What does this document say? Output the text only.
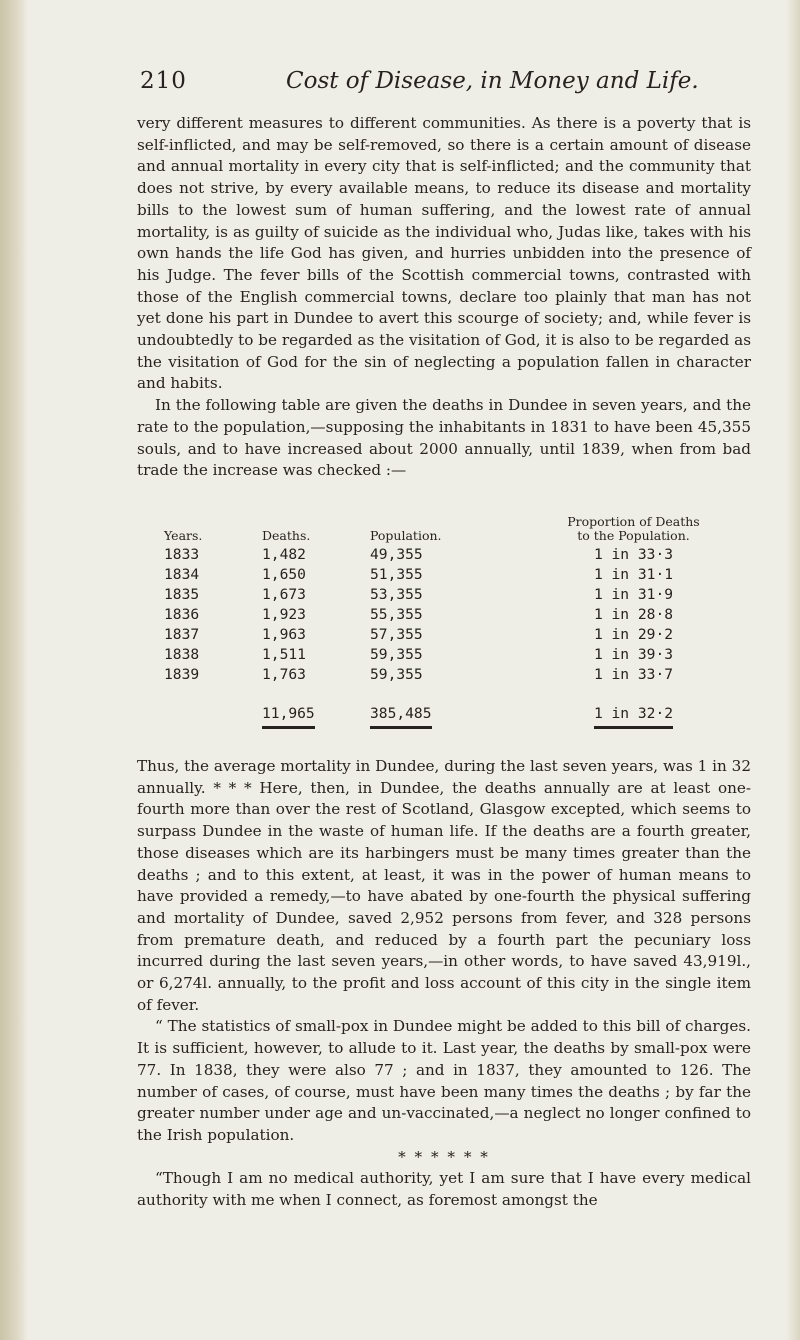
210	Cost of Disease, in Money and Life.

very different measures to different communities. As there is a poverty that is self-inflicted, and may be self-removed, so there is a certain amount of disease and annual mortality in every city that is self-inflicted; and the community that does not strive, by every available means, to reduce its disease and mortality bills to the lowest sum of human suffering, and the lowest rate of annual mortality, is as guilty of suicide as the individual who, Judas like, takes with his own hands the life God has given, and hurries unbidden into the presence of his Judge. The fever bills of the Scottish commercial towns, contrasted with those of the English commercial towns, declare too plainly that man has not yet done his part in Dundee to avert this scourge of society; and, while fever is undoubtedly to be regarded as the visitation of God, it is also to be regarded as the visitation of God for the sin of neglecting a population fallen in character and habits.

In the following table are given the deaths in Dundee in seven years, and the rate to the population,—supposing the inhabitants in 1831 to have been 45,355 souls, and to have increased about 2000 annually, until 1839, when from bad trade the increase was checked :—

Years.	Deaths.	Population.	Proportion of Deaths
to the Population.
1833	1,482	49,355	1 in 33·3
1834	1,650	51,355	1 in 31·1
1835	1,673	53,355	1 in 31·9
1836	1,923	55,355	1 in 28·8
1837	1,963	57,355	1 in 29·2
1838	1,511	59,355	1 in 39·3
1839	1,763	59,355	1 in 33·7

	11,965	385,485	1 in 32·2

Thus, the average mortality in Dundee, during the last seven years, was 1 in 32 annually. * * * Here, then, in Dundee, the deaths annually are at least one-fourth more than over the rest of Scotland, Glasgow excepted, which seems to surpass Dundee in the waste of human life. If the deaths are a fourth greater, those diseases which are its harbingers must be many times greater than the deaths ; and to this extent, at least, it was in the power of human means to have provided a remedy,—to have abated by one-fourth the physical suffering and mortality of Dundee, saved 2,952 persons from fever, and 328 persons from premature death, and reduced by a fourth part the pecuniary loss incurred during the last seven years,—in other words, to have saved 43,919l., or 6,274l. annually, to the profit and loss account of this city in the single item of fever.

“ The statistics of small-pox in Dundee might be added to this bill of charges. It is sufficient, however, to allude to it. Last year, the deaths by small-pox were 77. In 1838, they were also 77 ; and in 1837, they amounted to 126. The number of cases, of course, must have been many times the deaths ; by far the greater number under age and un-vaccinated,—a neglect no longer confined to the Irish population.

* * * * * *

“Though I am no medical authority, yet I am sure that I have every medical authority with me when I connect, as foremost amongst the
